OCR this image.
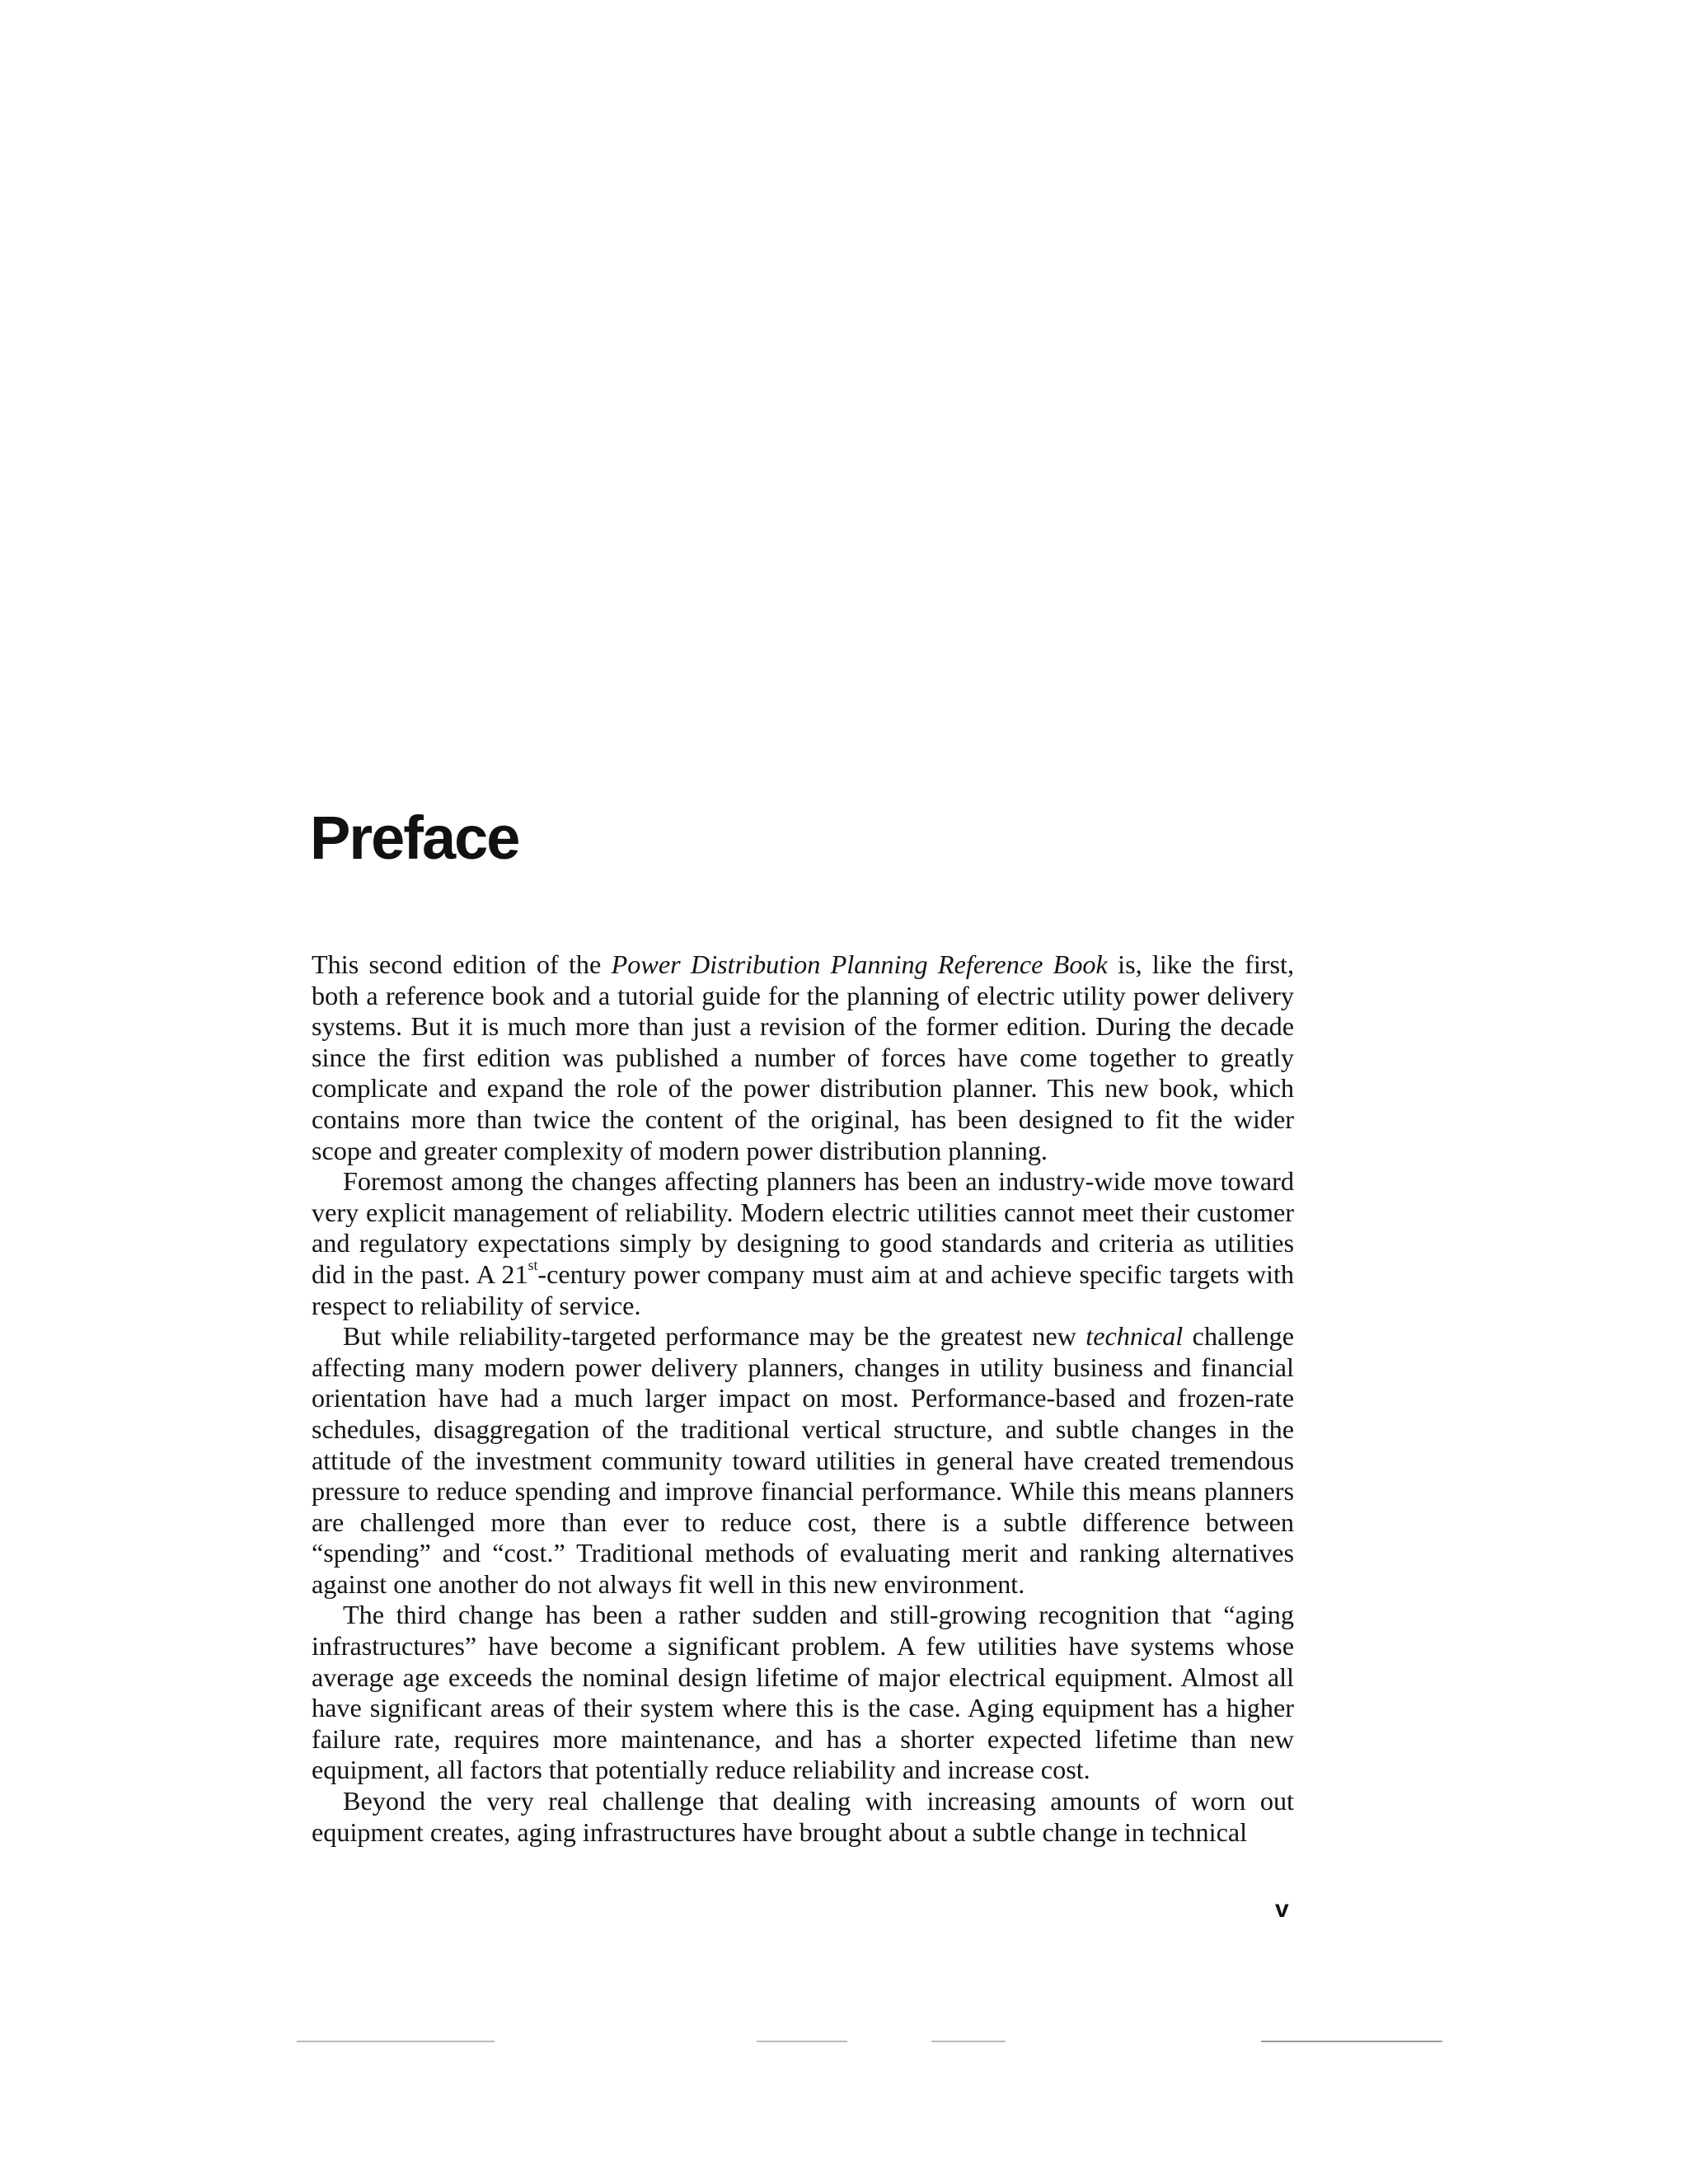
Preface

This second edition of the Power Distribution Planning Reference Book is, like the first, both a reference book and a tutorial guide for the planning of electric utility power delivery systems. But it is much more than just a revision of the former edition. During the decade since the first edition was published a number of forces have come together to greatly complicate and expand the role of the power distribution planner. This new book, which contains more than twice the content of the original, has been designed to fit the wider scope and greater complexity of modern power distribution planning.

Foremost among the changes affecting planners has been an industry-wide move toward very explicit management of reliability. Modern electric utilities cannot meet their customer and regulatory expectations simply by designing to good standards and criteria as utilities did in the past. A 21st-century power company must aim at and achieve specific targets with respect to reliability of service.

But while reliability-targeted performance may be the greatest new technical challenge affecting many modern power delivery planners, changes in utility business and financial orientation have had a much larger impact on most. Performance-based and frozen-rate schedules, disaggregation of the traditional vertical structure, and subtle changes in the attitude of the investment community toward utilities in general have created tremendous pressure to reduce spending and improve financial performance. While this means planners are challenged more than ever to reduce cost, there is a subtle difference between “spending” and “cost.” Traditional methods of evaluating merit and ranking alternatives against one another do not always fit well in this new environment.

The third change has been a rather sudden and still-growing recognition that “aging infrastructures” have become a significant problem. A few utilities have systems whose average age exceeds the nominal design lifetime of major electrical equipment. Almost all have significant areas of their system where this is the case. Aging equipment has a higher failure rate, requires more maintenance, and has a shorter expected lifetime than new equipment, all factors that potentially reduce reliability and increase cost.

Beyond the very real challenge that dealing with increasing amounts of worn out equipment creates, aging infrastructures have brought about a subtle change in technical

v
